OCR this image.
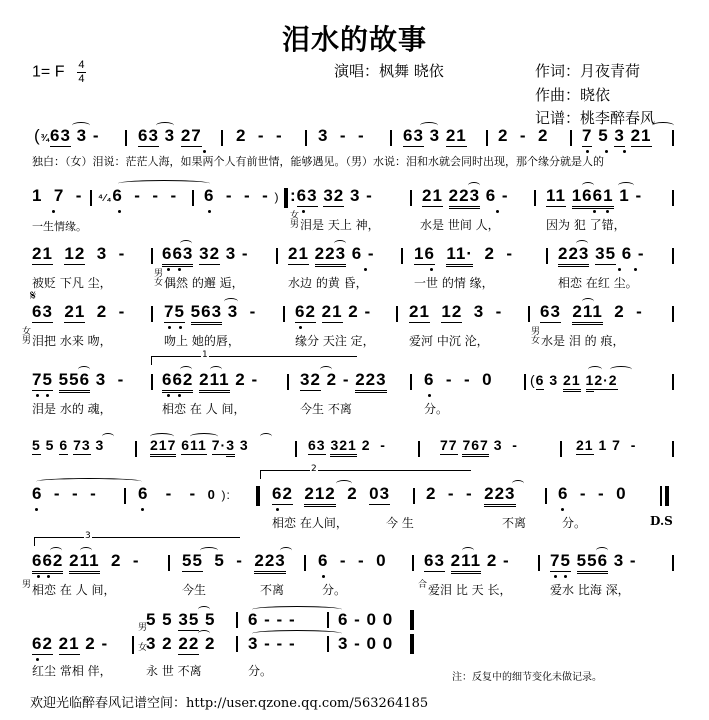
泪水的故事
1= F $\frac{4}{4}$	演唱：枫舞 晓依	作词：月夜青荷
作曲：晓依
记谱：桃李醉春风
(¾63 3 - 63 3 27 2  -  - 3  -  - 63 3 21 2  -  2 7 5 3 21
独白：（女）泪说：茫茫人海，如果两个人有前世情，能够遇见。（男）水说：泪和水就会同时出现，那个缘分就是人的
1  7  - ⁴⁄₄6  -  -  - 6  -  -  - ) :63 32 3 -	21 223 6 - 11 1661 1 -
一生情缘。
女
男 泪是 天上 神，	水是 世间 人，	因为 犯 了错，
21 12  3  - 663 32 3 - 21 223 6 - 16 11·  2  -	223 35 6 -
被贬 下凡 尘，
男
女 偶然 的邂 逅，	水边 的黄 昏，	一世 的情 缘，	相恋 在红 尘。
𝄋
63 21  2  - 75 563 3  - 62 21 2 - 21 12  3  - 63 211  2  -
女
男 泪把 水来 吻，	吻上 她的唇，	缘分 天注 定，	爱河 中沉 沦，
男
女 水是 泪 的 痕，
1
75 556 3  - 662 211 2 - 32 2 - 223 6  -  -  0	(6 3 21 12·2
泪是 水的 魂，	相恋 在 人 间，	今生 不离	分。
5 5 6 73 3	217 611 7·3 3	63 321 2  -	77 767 3  -	21 1 7  -
2
6  -  -  - 6   -   -  0 ): 62 212  2  03 2  -  -  223	6  -  -  0
相恋 在人间，	今 生	不离	分。	D.S
3
662 211  2  - 55  5  -  223 6  -  -  0 63 211 2 - 75 556 3 -
男 相恋 在 人 间，	今生	不离	分。	合 爱泪 比 天 长，	爱水 比海 深，
男
5 5 35 5 6 - - - 6 - 0 0
62 21 2 -	女
3 2 22 2 3 - - - 3 - 0 0
红尘 常相 伴，	永 世 不离	分。	注：反复中的细节变化未做记录。
欢迎光临醉春风记谱空间：http://user.qzone.qq.com/563264185
